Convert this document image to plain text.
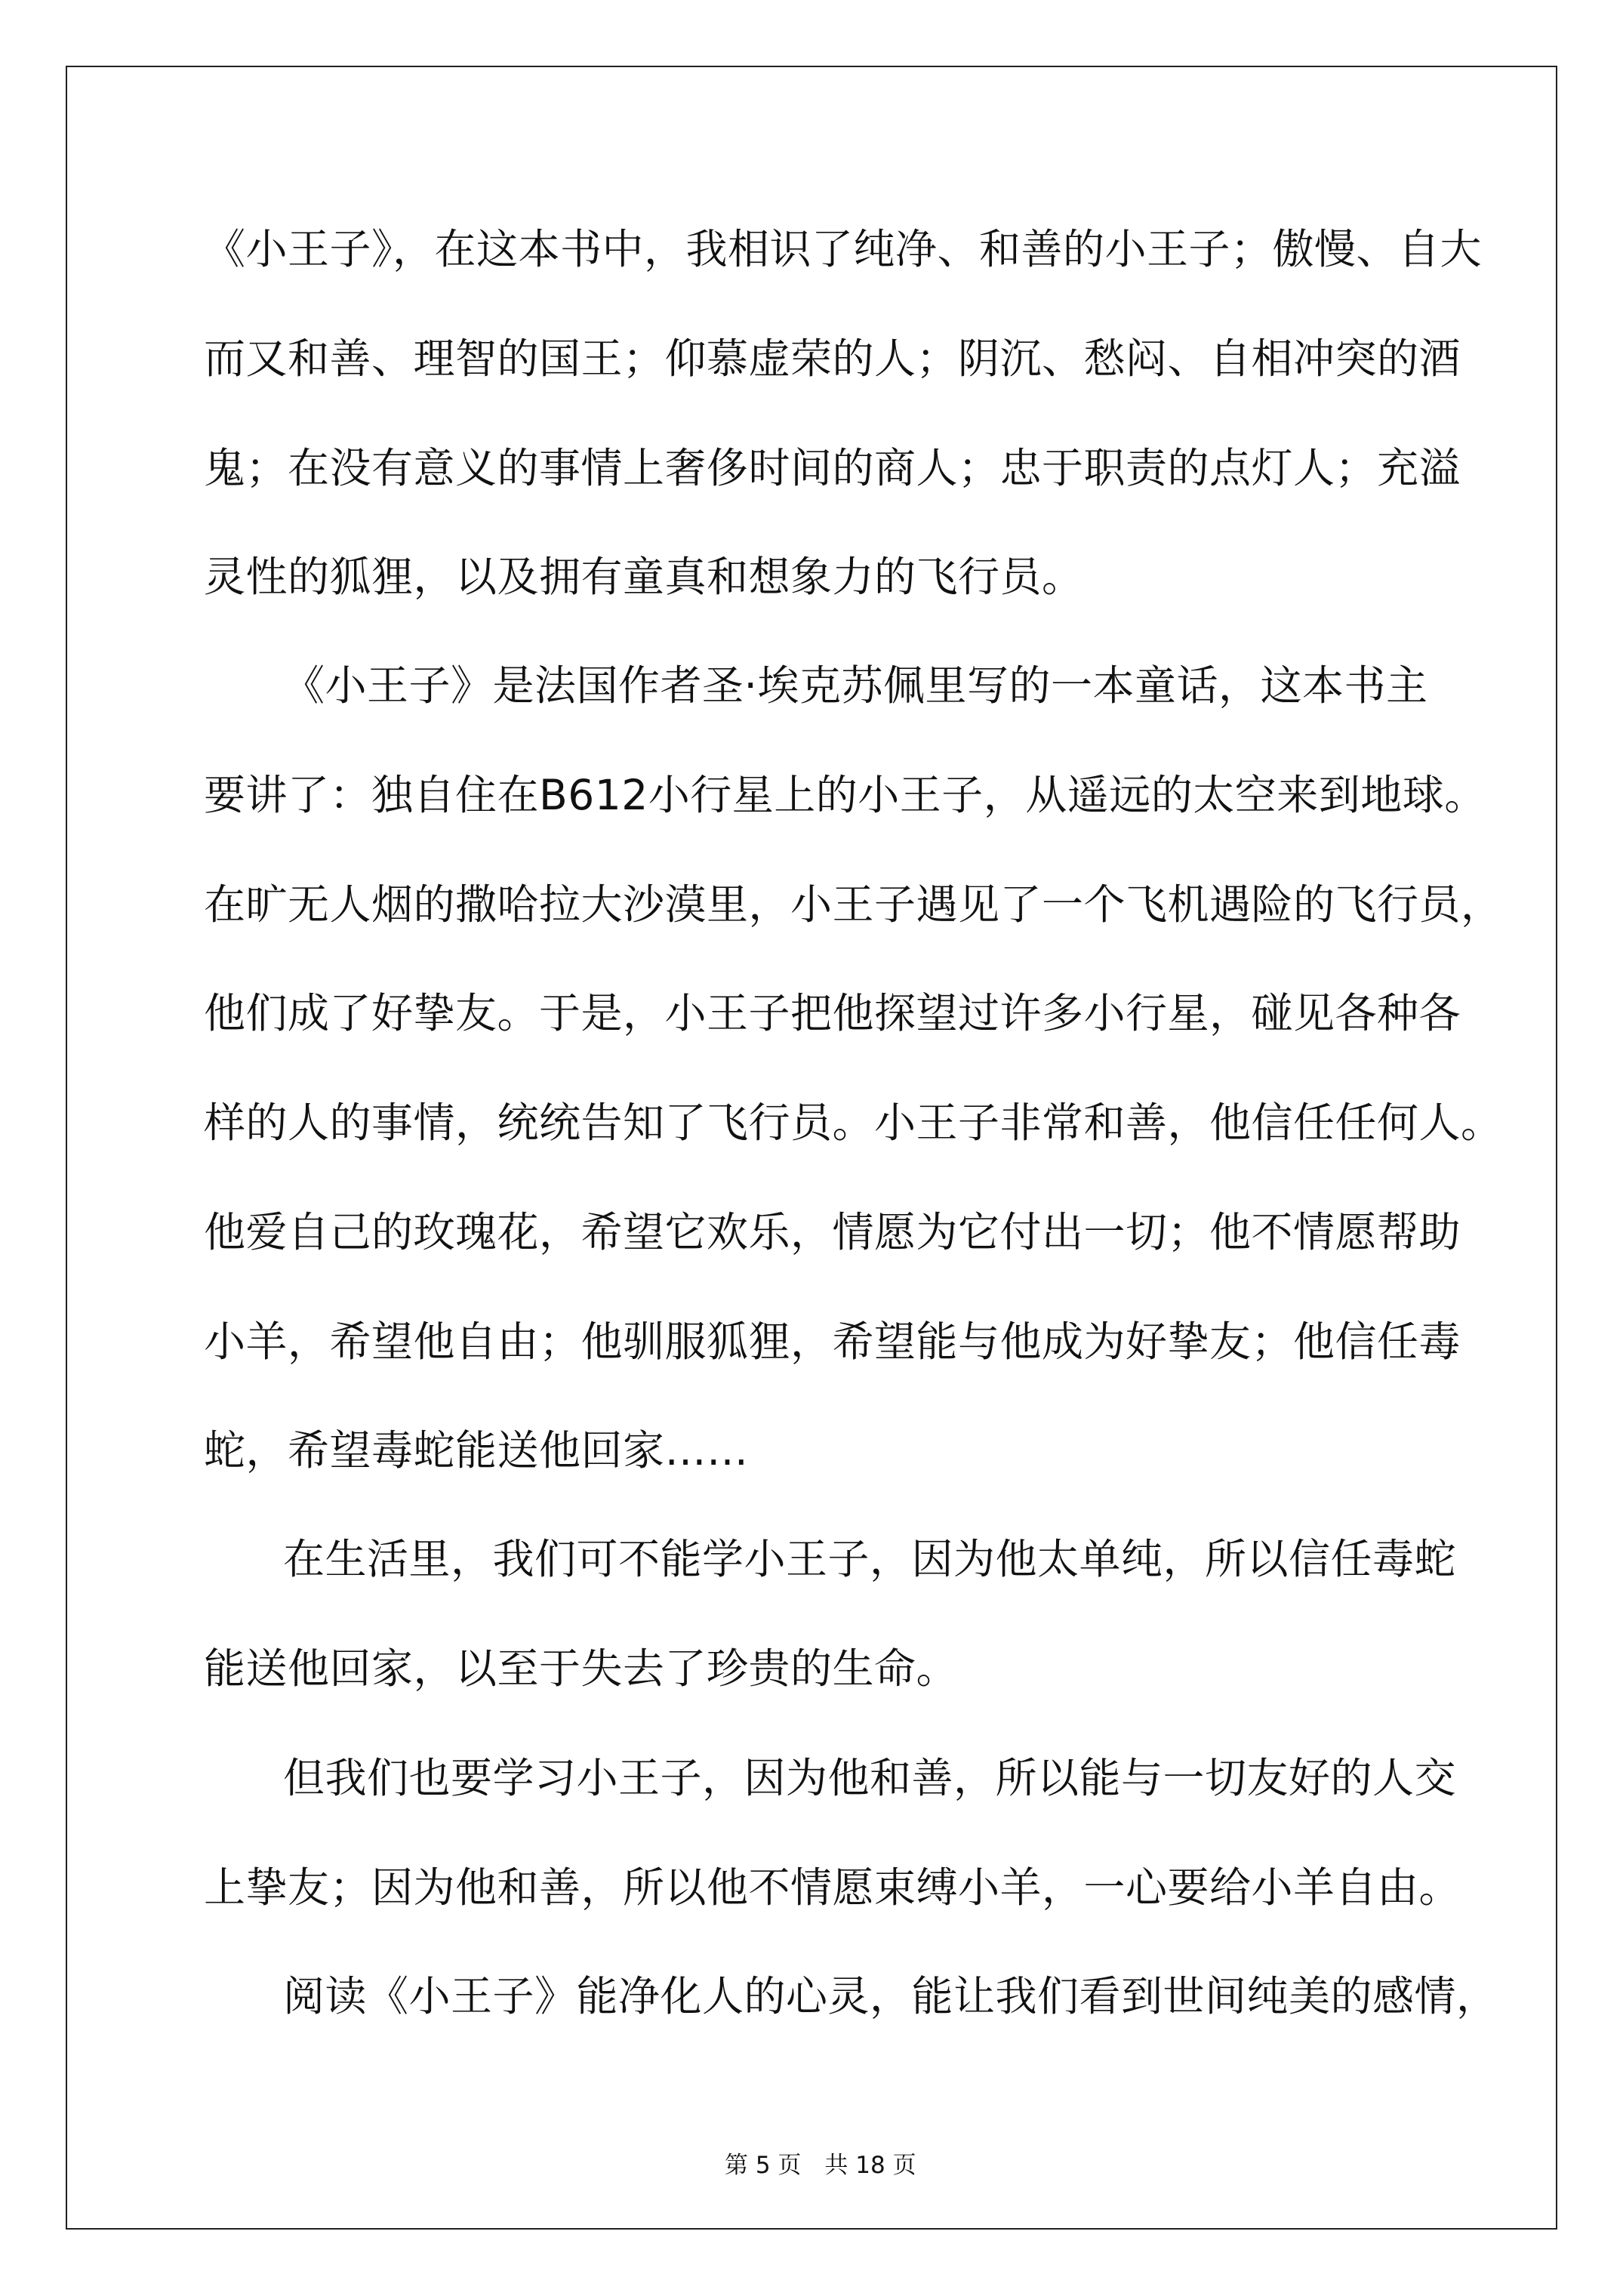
《小王子》，在这本书中，我相识了纯净、和善的小王子；傲慢、自大
而又和善、理智的国王；仰慕虚荣的人；阴沉、愁闷、自相冲突的酒
鬼；在没有意义的事情上奢侈时间的商人；忠于职责的点灯人；充溢
灵性的狐狸，以及拥有童真和想象力的飞行员。
《小王子》是法国作者圣·埃克苏佩里写的一本童话，这本书主
要讲了：独自住在B612小行星上的小王子，从遥远的太空来到地球。
在旷无人烟的撒哈拉大沙漠里，小王子遇见了一个飞机遇险的飞行员，
他们成了好挚友。于是，小王子把他探望过许多小行星，碰见各种各
样的人的事情，统统告知了飞行员。小王子非常和善，他信任任何人。
他爱自己的玫瑰花，希望它欢乐，情愿为它付出一切；他不情愿帮助
小羊，希望他自由；他驯服狐狸，希望能与他成为好挚友；他信任毒
蛇，希望毒蛇能送他回家……
在生活里，我们可不能学小王子，因为他太单纯，所以信任毒蛇
能送他回家，以至于失去了珍贵的生命。
但我们也要学习小王子，因为他和善，所以能与一切友好的人交
上挚友；因为他和善，所以他不情愿束缚小羊，一心要给小羊自由。
阅读《小王子》能净化人的心灵，能让我们看到世间纯美的感情，
第 5 页　共 18 页
